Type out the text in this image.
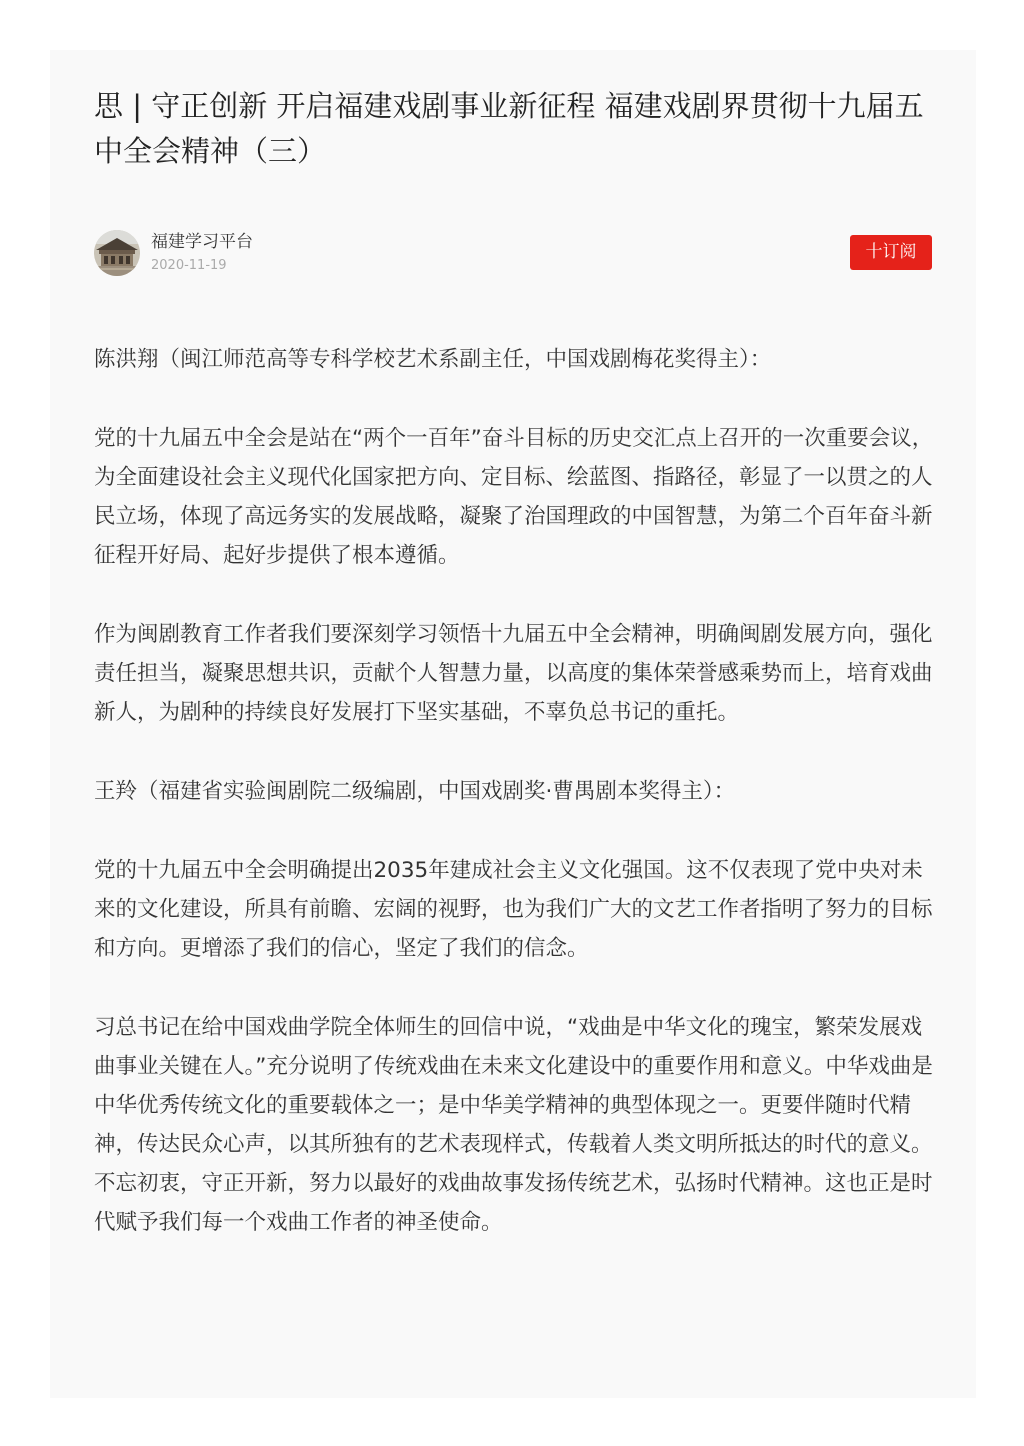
思 | 守正创新 开启福建戏剧事业新征程 福建戏剧界贯彻十九届五中全会精神（三）
福建学习平台
2020-11-19
十订阅

陈洪翔（闽江师范高等专科学校艺术系副主任，中国戏剧梅花奖得主）：

党的十九届五中全会是站在“两个一百年”奋斗目标的历史交汇点上召开的一次重要会议，为全面建设社会主义现代化国家把方向、定目标、绘蓝图、指路径，彰显了一以贯之的人民立场，体现了高远务实的发展战略，凝聚了治国理政的中国智慧，为第二个百年奋斗新征程开好局、起好步提供了根本遵循。

作为闽剧教育工作者我们要深刻学习领悟十九届五中全会精神，明确闽剧发展方向，强化责任担当，凝聚思想共识，贡献个人智慧力量，以高度的集体荣誉感乘势而上，培育戏曲新人，为剧种的持续良好发展打下坚实基础，不辜负总书记的重托。

王羚（福建省实验闽剧院二级编剧，中国戏剧奖·曹禺剧本奖得主）：

党的十九届五中全会明确提出2035年建成社会主义文化强国。这不仅表现了党中央对未来的文化建设，所具有前瞻、宏阔的视野，也为我们广大的文艺工作者指明了努力的目标和方向。更增添了我们的信心，坚定了我们的信念。

习总书记在给中国戏曲学院全体师生的回信中说，“戏曲是中华文化的瑰宝，繁荣发展戏曲事业关键在人。”充分说明了传统戏曲在未来文化建设中的重要作用和意义。中华戏曲是中华优秀传统文化的重要载体之一；是中华美学精神的典型体现之一。更要伴随时代精神，传达民众心声，以其所独有的艺术表现样式，传载着人类文明所抵达的时代的意义。不忘初衷，守正开新，努力以最好的戏曲故事发扬传统艺术，弘扬时代精神。这也正是时代赋予我们每一个戏曲工作者的神圣使命。
